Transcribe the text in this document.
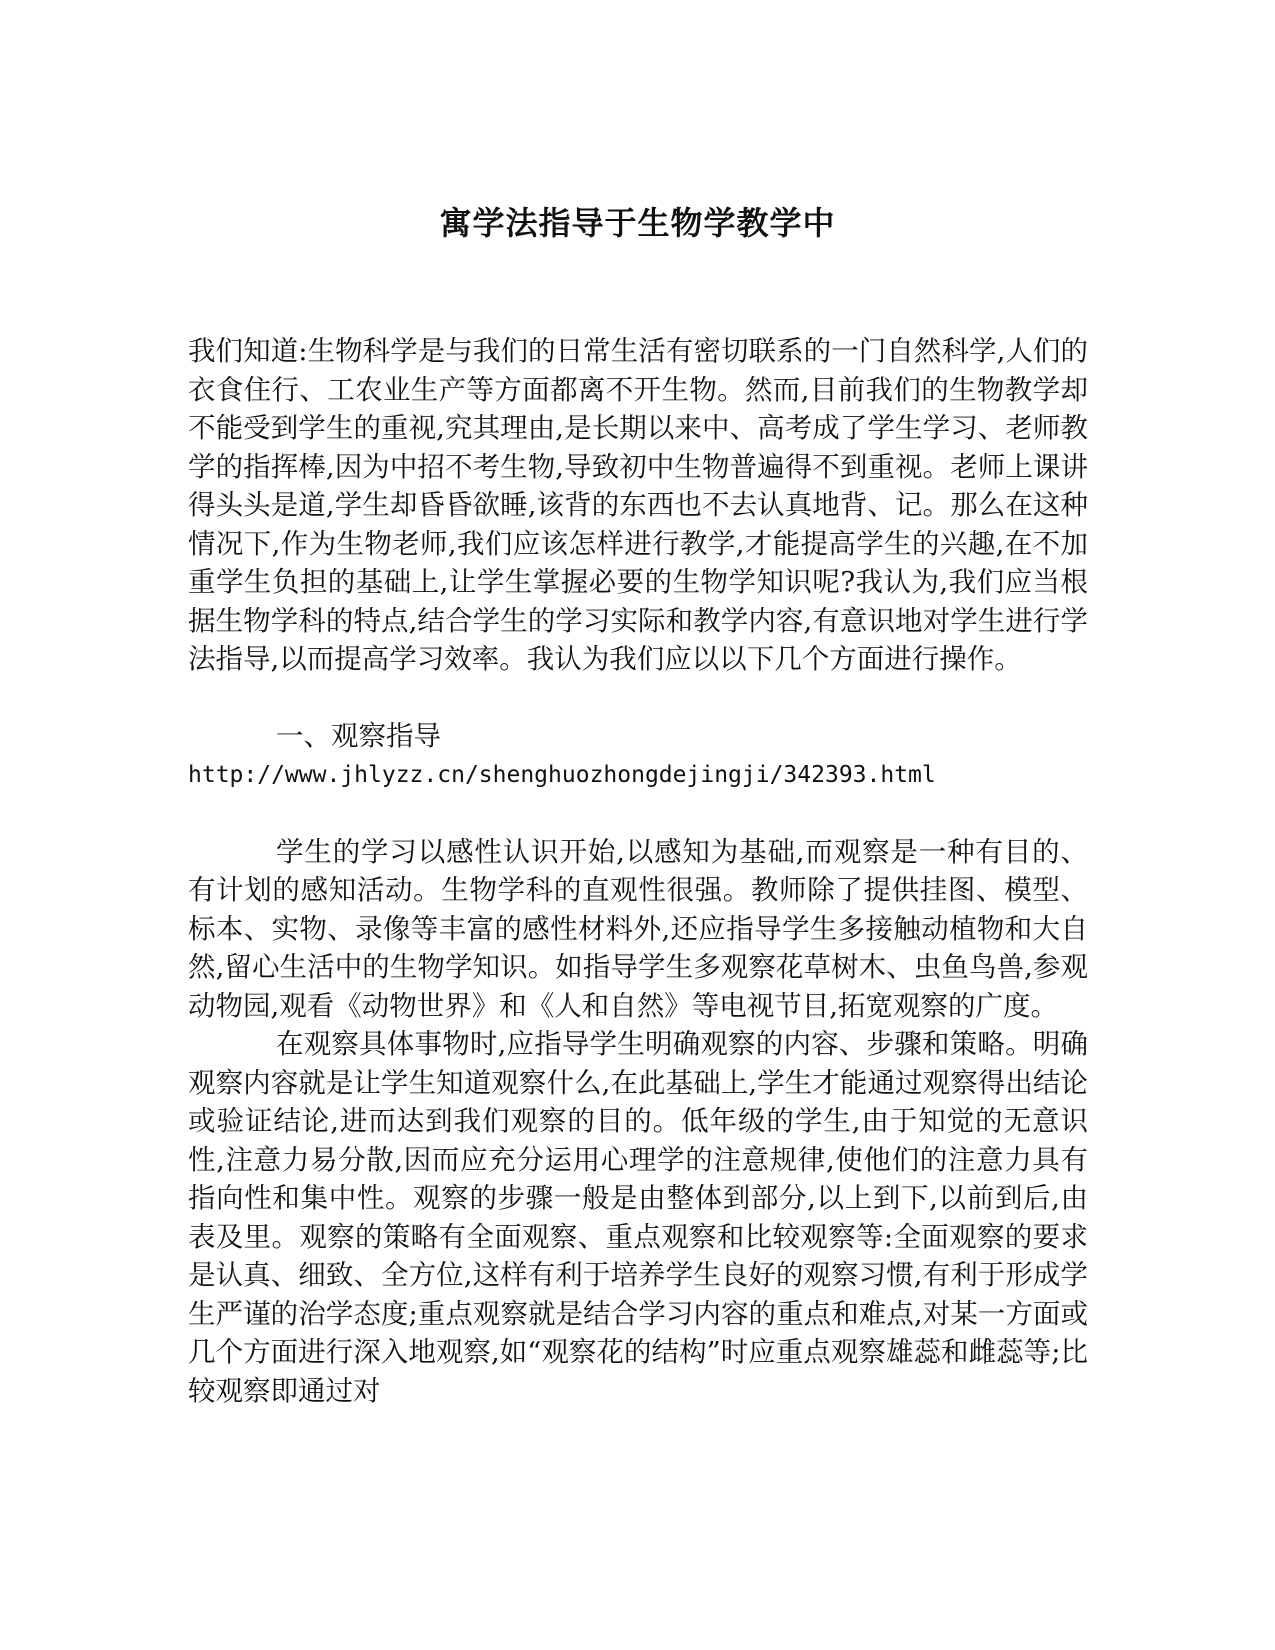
寓学法指导于生物学教学中

我们知道:生物科学是与我们的日常生活有密切联系的一门自然科学,人们的衣食住行、工农业生产等方面都离不开生物。然而,目前我们的生物教学却不能受到学生的重视,究其理由,是长期以来中、高考成了学生学习、老师教学的指挥棒,因为中招不考生物,导致初中生物普遍得不到重视。老师上课讲得头头是道,学生却昏昏欲睡,该背的东西也不去认真地背、记。那么在这种情况下,作为生物老师,我们应该怎样进行教学,才能提高学生的兴趣,在不加重学生负担的基础上,让学生掌握必要的生物学知识呢?我认为,我们应当根据生物学科的特点,结合学生的学习实际和教学内容,有意识地对学生进行学法指导,以而提高学习效率。我认为我们应以以下几个方面进行操作。

一、观察指导

http://www.jhlyzz.cn/shenghuozhongdejingji/342393.html

学生的学习以感性认识开始,以感知为基础,而观察是一种有目的、有计划的感知活动。生物学科的直观性很强。教师除了提供挂图、模型、标本、实物、录像等丰富的感性材料外,还应指导学生多接触动植物和大自然,留心生活中的生物学知识。如指导学生多观察花草树木、虫鱼鸟兽,参观动物园,观看《动物世界》和《人和自然》等电视节目,拓宽观察的广度。

在观察具体事物时,应指导学生明确观察的内容、步骤和策略。明确观察内容就是让学生知道观察什么,在此基础上,学生才能通过观察得出结论或验证结论,进而达到我们观察的目的。低年级的学生,由于知觉的无意识性,注意力易分散,因而应充分运用心理学的注意规律,使他们的注意力具有指向性和集中性。观察的步骤一般是由整体到部分,以上到下,以前到后,由表及里。观察的策略有全面观察、重点观察和比较观察等:全面观察的要求是认真、细致、全方位,这样有利于培养学生良好的观察习惯,有利于形成学生严谨的治学态度;重点观察就是结合学习内容的重点和难点,对某一方面或几个方面进行深入地观察,如“观察花的结构”时应重点观察雄蕊和雌蕊等;比较观察即通过对
